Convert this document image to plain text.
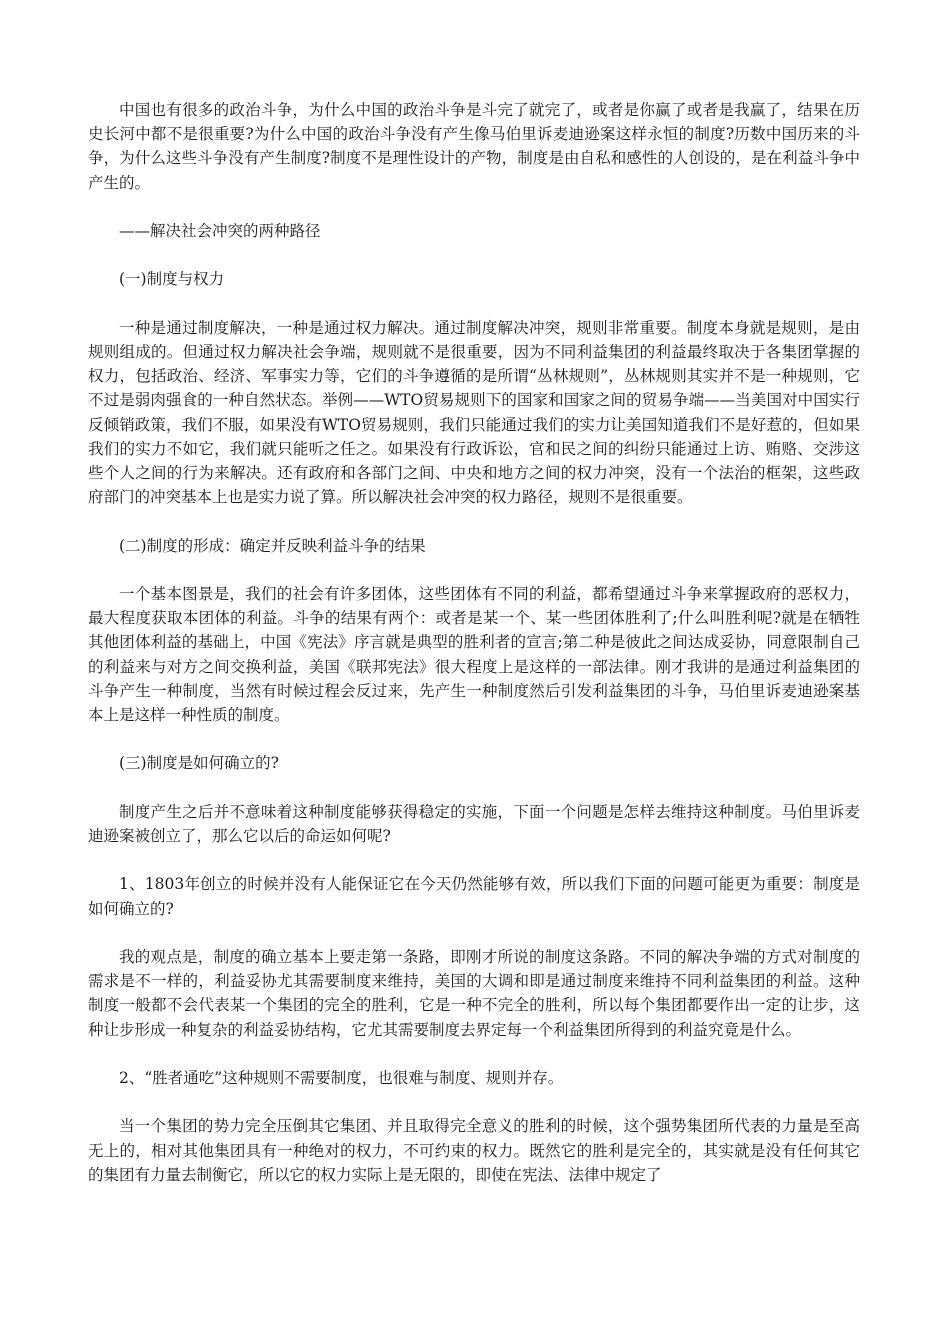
中国也有很多的政治斗争，为什么中国的政治斗争是斗完了就完了，或者是你赢了或者是我赢了，结果在历史长河中都不是很重要?为什么中国的政治斗争没有产生像马伯里诉麦迪逊案这样永恒的制度?历数中国历来的斗争，为什么这些斗争没有产生制度?制度不是理性设计的产物，制度是由自私和感性的人创设的，是在利益斗争中产生的。

——解决社会冲突的两种路径

(一)制度与权力

一种是通过制度解决，一种是通过权力解决。通过制度解决冲突，规则非常重要。制度本身就是规则，是由规则组成的。但通过权力解决社会争端，规则就不是很重要，因为不同利益集团的利益最终取决于各集团掌握的权力，包括政治、经济、军事实力等，它们的斗争遵循的是所谓“丛林规则”，丛林规则其实并不是一种规则，它不过是弱肉强食的一种自然状态。举例——WTO贸易规则下的国家和国家之间的贸易争端——当美国对中国实行反倾销政策，我们不服，如果没有WTO贸易规则，我们只能通过我们的实力让美国知道我们不是好惹的，但如果我们的实力不如它，我们就只能听之任之。如果没有行政诉讼，官和民之间的纠纷只能通过上访、贿赂、交涉这些个人之间的行为来解决。还有政府和各部门之间、中央和地方之间的权力冲突，没有一个法治的框架，这些政府部门的冲突基本上也是实力说了算。所以解决社会冲突的权力路径，规则不是很重要。

(二)制度的形成：确定并反映利益斗争的结果

一个基本图景是，我们的社会有许多团体，这些团体有不同的利益，都希望通过斗争来掌握政府的恶权力，最大程度获取本团体的利益。斗争的结果有两个：或者是某一个、某一些团体胜利了;什么叫胜利呢?就是在牺牲其他团体利益的基础上，中国《宪法》序言就是典型的胜利者的宣言;第二种是彼此之间达成妥协，同意限制自己的利益来与对方之间交换利益，美国《联邦宪法》很大程度上是这样的一部法律。刚才我讲的是通过利益集团的斗争产生一种制度，当然有时候过程会反过来，先产生一种制度然后引发利益集团的斗争，马伯里诉麦迪逊案基本上是这样一种性质的制度。

(三)制度是如何确立的?

制度产生之后并不意味着这种制度能够获得稳定的实施，下面一个问题是怎样去维持这种制度。马伯里诉麦迪逊案被创立了，那么它以后的命运如何呢?

1、1803年创立的时候并没有人能保证它在今天仍然能够有效，所以我们下面的问题可能更为重要：制度是如何确立的?

我的观点是，制度的确立基本上要走第一条路，即刚才所说的制度这条路。不同的解决争端的方式对制度的需求是不一样的，利益妥协尤其需要制度来维持，美国的大调和即是通过制度来维持不同利益集团的利益。这种制度一般都不会代表某一个集团的完全的胜利，它是一种不完全的胜利，所以每个集团都要作出一定的让步，这种让步形成一种复杂的利益妥协结构，它尤其需要制度去界定每一个利益集团所得到的利益究竟是什么。

2、“胜者通吃”这种规则不需要制度，也很难与制度、规则并存。

当一个集团的势力完全压倒其它集团、并且取得完全意义的胜利的时候，这个强势集团所代表的力量是至高无上的，相对其他集团具有一种绝对的权力，不可约束的权力。既然它的胜利是完全的，其实就是没有任何其它的集团有力量去制衡它，所以它的权力实际上是无限的，即使在宪法、法律中规定了
